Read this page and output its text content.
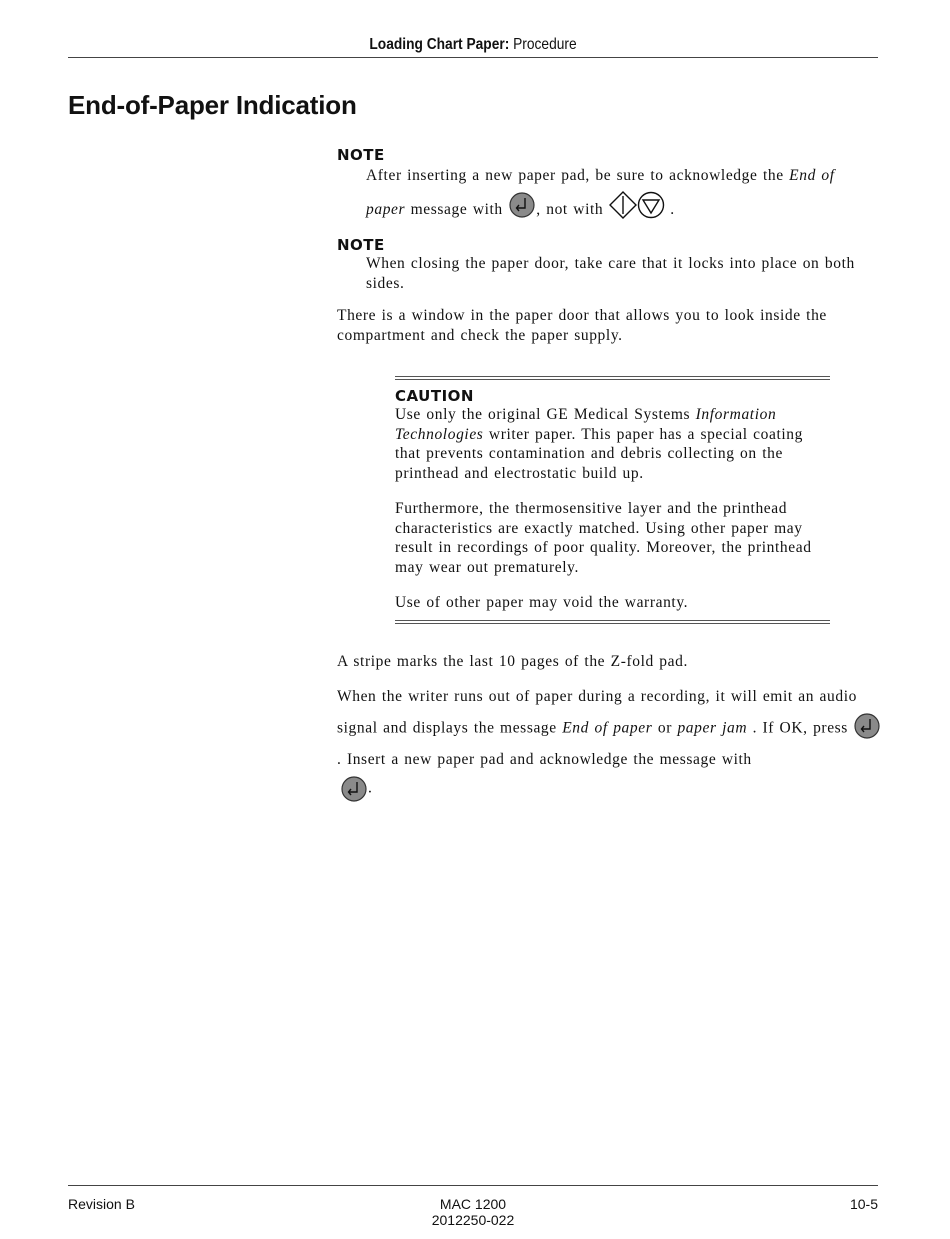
Loading Chart Paper: Procedure
End-of-Paper Indication
NOTE
After inserting a new paper pad, be sure to acknowledge the End of paper message with , not with	.
NOTE
When closing the paper door, take care that it locks into place on both sides.
There is a window in the paper door that allows you to look inside the compartment and check the paper supply.
CAUTION
Use only the original GE Medical Systems Information Technologies writer paper. This paper has a special coating that prevents contamination and debris collecting on the printhead and electrostatic build up.
Furthermore, the thermosensitive layer and the printhead characteristics are exactly matched. Using other paper may result in recordings of poor quality. Moreover, the printhead may wear out prematurely.
Use of other paper may void the warranty.
A stripe marks the last 10 pages of the Z-fold pad.
When the writer runs out of paper during a recording, it will emit an audio signal and displays the message End of paper or paper jam . If OK, press . Insert a new paper pad and acknowledge the message with
.
Revision B	MAC 1200
2012250-022
10-5
